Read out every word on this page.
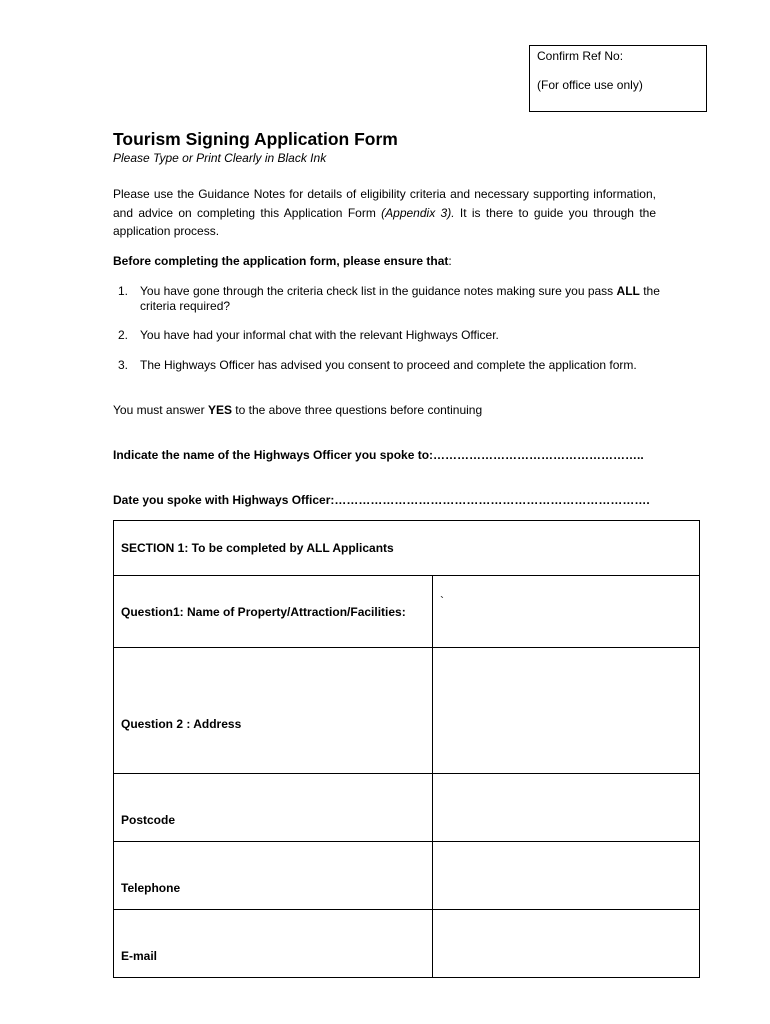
Confirm Ref No:
(For office use only)
Tourism Signing Application Form
Please Type or Print Clearly in Black Ink

Please use the Guidance Notes for details of eligibility criteria and necessary supporting information, and advice on completing this Application Form (Appendix 3). It is there to guide you through the application process.

Before completing the application form, please ensure that:
1. You have gone through the criteria check list in the guidance notes making sure you pass ALL the criteria required?
2. You have had your informal chat with the relevant Highways Officer.
3. The Highways Officer has advised you consent to proceed and complete the application form.
You must answer YES to the above three questions before continuing
Indicate the name of the Highways Officer you spoke to:……………………………………………..
Date you spoke with Highways Officer:…………………………………………………………………….
SECTION 1: To be completed by ALL Applicants	
Question1: Name of Property/Attraction/Facilities:	`

Question 2 : Address	

Postcode	
Telephone	
E-mail	
